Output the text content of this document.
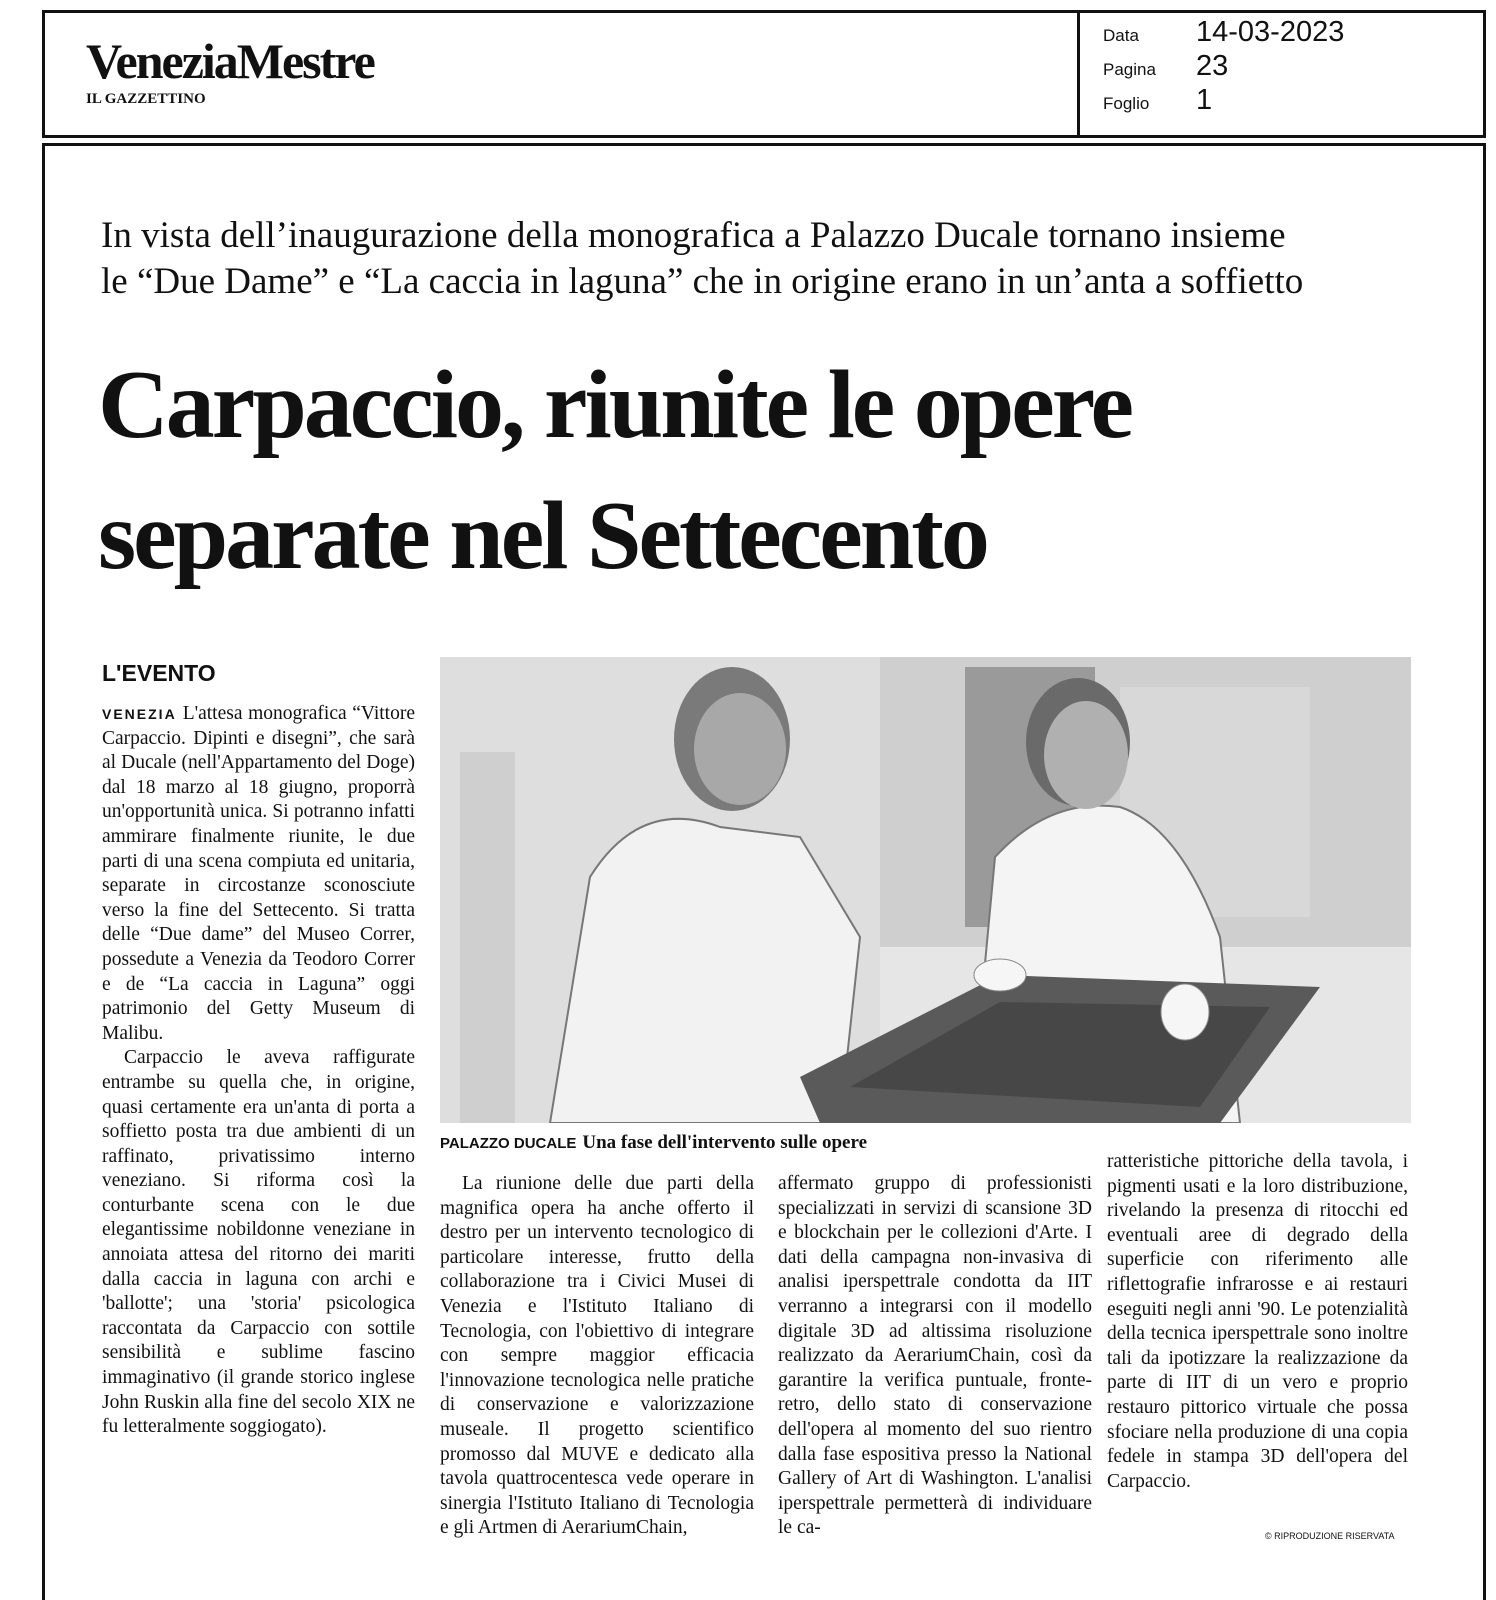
VeneziaMestre
IL GAZZETTINO
Data 14-03-2023
Pagina 23
Foglio 1
In vista dell’inaugurazione della monografica a Palazzo Ducale tornano insieme
le “Due Dame” e “La caccia in laguna” che in origine erano in un’anta a soffietto
Carpaccio, riunite le opere
separate nel Settecento
L'EVENTO

VENEZIA L'attesa monografica “Vittore Carpaccio. Dipinti e disegni”, che sarà al Ducale (nell'Appartamento del Doge) dal 18 marzo al 18 giugno, proporrà un'opportunità unica. Si potranno infatti ammirare finalmente riunite, le due parti di una scena compiuta ed unitaria, separate in circostanze sconosciute verso la fine del Settecento. Si tratta delle “Due dame” del Museo Correr, possedute a Venezia da Teodoro Correr e de “La caccia in Laguna” oggi patrimonio del Getty Museum di Malibu.

Carpaccio le aveva raffigurate entrambe su quella che, in origine, quasi certamente era un'anta di porta a soffietto posta tra due ambienti di un raffinato, privatissimo interno veneziano. Si riforma così la conturbante scena con le due elegantissime nobildonne veneziane in annoiata attesa del ritorno dei mariti dalla caccia in laguna con archi e 'ballotte'; una 'storia' psicologica raccontata da Carpaccio con sottile sensibilità e sublime fascino immaginativo (il grande storico inglese John Ruskin alla fine del secolo XIX ne fu letteralmente soggiogato).

PALAZZO DUCALE Una fase dell'intervento sulle opere

La riunione delle due parti della magnifica opera ha anche offerto il destro per un intervento tecnologico di particolare interesse, frutto della collaborazione tra i Civici Musei di Venezia e l'Istituto Italiano di Tecnologia, con l'obiettivo di integrare con sempre maggior efficacia l'innovazione tecnologica nelle pratiche di conservazione e valorizzazione museale. Il progetto scientifico promosso dal MUVE e dedicato alla tavola quattrocentesca vede operare in sinergia l'Istituto Italiano di Tecnologia e gli Artmen di AerariumChain,

affermato gruppo di professionisti specializzati in servizi di scansione 3D e blockchain per le collezioni d'Arte. I dati della campagna non-invasiva di analisi iperspettrale condotta da IIT verranno a integrarsi con il modello digitale 3D ad altissima risoluzione realizzato da AerariumChain, così da garantire la verifica puntuale, fronte-retro, dello stato di conservazione dell'opera al momento del suo rientro dalla fase espositiva presso la National Gallery of Art di Washington. L'analisi iperspettrale permetterà di individuare le ca-

ratteristiche pittoriche della tavola, i pigmenti usati e la loro distribuzione, rivelando la presenza di ritocchi ed eventuali aree di degrado della superficie con riferimento alle riflettografie infrarosse e ai restauri eseguiti negli anni '90. Le potenzialità della tecnica iperspettrale sono inoltre tali da ipotizzare la realizzazione da parte di IIT di un vero e proprio restauro pittorico virtuale che possa sfociare nella produzione di una copia fedele in stampa 3D dell'opera del Carpaccio.

© RIPRODUZIONE RISERVATA
